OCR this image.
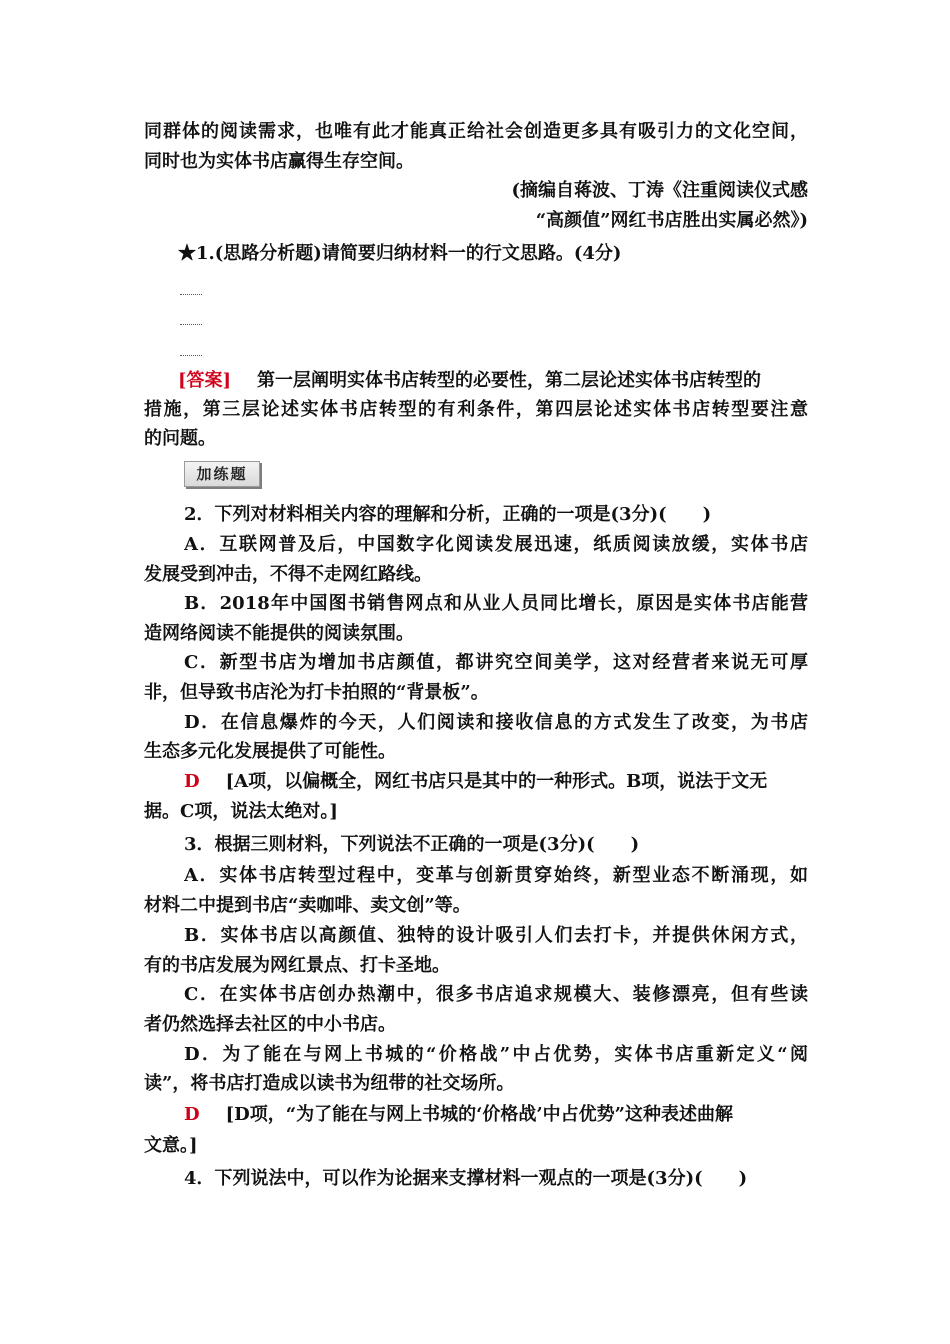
同群体的阅读需求，也唯有此才能真正给社会创造更多具有吸引力的文化空间，
同时也为实体书店赢得生存空间。
(摘编自蒋波、丁涛《注重阅读仪式感
“高颜值”网红书店胜出实属必然》)
★1.(思路分析题)请简要归纳材料一的行文思路。(4分)
[答案] 第一层阐明实体书店转型的必要性，第二层论述实体书店转型的
措施，第三层论述实体书店转型的有利条件，第四层论述实体书店转型要注意
的问题。
加练题
2．下列对材料相关内容的理解和分析，正确的一项是(3分)(　　)
A．互联网普及后，中国数字化阅读发展迅速，纸质阅读放缓，实体书店
发展受到冲击，不得不走网红路线。
B．2018年中国图书销售网点和从业人员同比增长，原因是实体书店能营
造网络阅读不能提供的阅读氛围。
C．新型书店为增加书店颜值，都讲究空间美学，这对经营者来说无可厚
非，但导致书店沦为打卡拍照的“背景板”。
D．在信息爆炸的今天，人们阅读和接收信息的方式发生了改变，为书店
生态多元化发展提供了可能性。
D [A项，以偏概全，网红书店只是其中的一种形式。B项，说法于文无
据。C项，说法太绝对。]
3．根据三则材料，下列说法不正确的一项是(3分)(　　)
A．实体书店转型过程中，变革与创新贯穿始终，新型业态不断涌现，如
材料二中提到书店“卖咖啡、卖文创”等。
B．实体书店以高颜值、独特的设计吸引人们去打卡，并提供休闲方式，
有的书店发展为网红景点、打卡圣地。
C．在实体书店创办热潮中，很多书店追求规模大、装修漂亮，但有些读
者仍然选择去社区的中小书店。
D．为了能在与网上书城的“价格战”中占优势，实体书店重新定义“阅
读”，将书店打造成以读书为纽带的社交场所。
D [D项，“为了能在与网上书城的‘价格战’中占优势”这种表述曲解
文意。]
4．下列说法中，可以作为论据来支撑材料一观点的一项是(3分)(　　)
